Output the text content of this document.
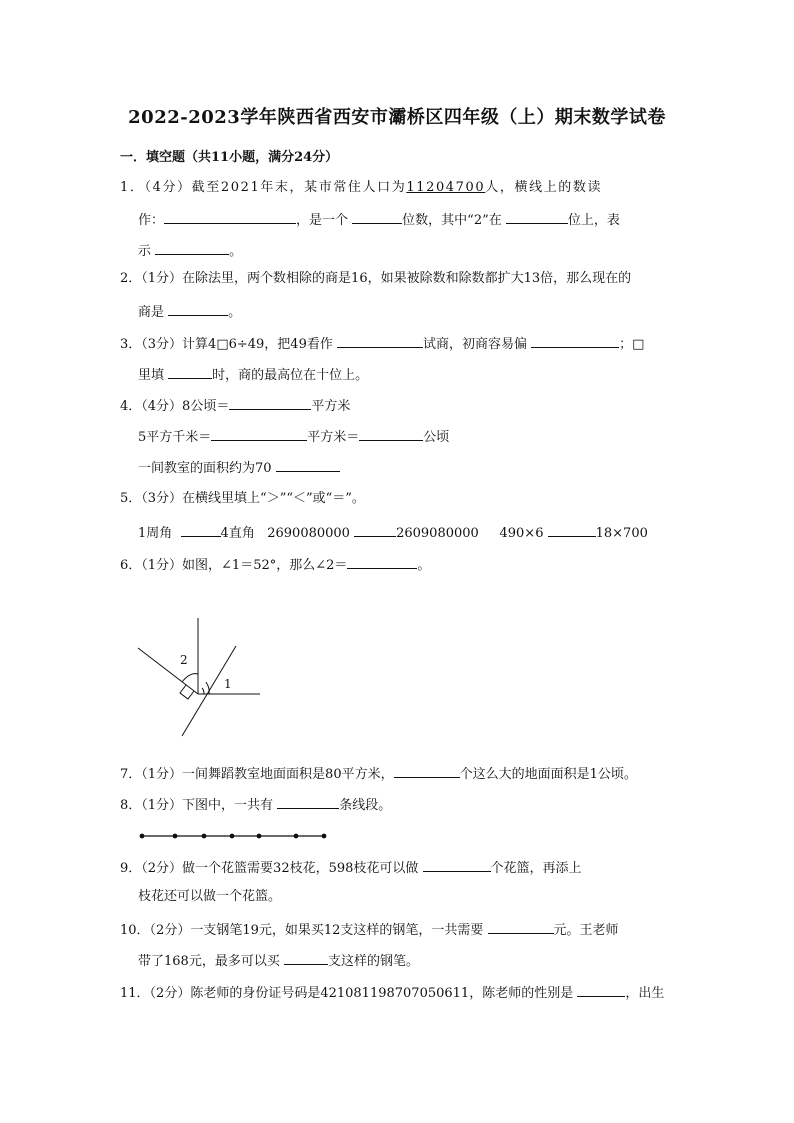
2022-2023学年陕西省西安市灞桥区四年级（上）期末数学试卷
一．填空题（共11小题，满分24分）
1．（4分）截至2021年末，某市常住人口为11204700人，横线上的数读
作：	，是一个	位数，其中“2”在	位上，表
示	。
2．（1分）在除法里，两个数相除的商是16，如果被除数和除数都扩大13倍，那么现在的
商是	。
3．（3分）计算4□6÷49，把49看作	试商，初商容易偏	；□
里填	时，商的最高位在十位上。
4．（4分）8公顷＝	平方米
5平方千米＝	平方米＝	公顷
一间教室的面积约为70
5．（3分）在横线里填上“＞”“＜”或“＝”。
1周角	4直角 2690080000	2609080000 490×6	18×700
6．（1分）如图，∠1＝52°，那么∠2＝	。
2
1
7．（1分）一间舞蹈教室地面面积是80平方米，	个这么大的地面面积是1公顷。
8．（1分）下图中，一共有	条线段。
9．（2分）做一个花篮需要32枝花，598枝花可以做	个花篮，再添上
枝花还可以做一个花篮。
10．（2分）一支钢笔19元，如果买12支这样的钢笔，一共需要	元。王老师
带了168元，最多可以买	支这样的钢笔。
11．（2分）陈老师的身份证号码是421081198707050611，陈老师的性别是	，出生
